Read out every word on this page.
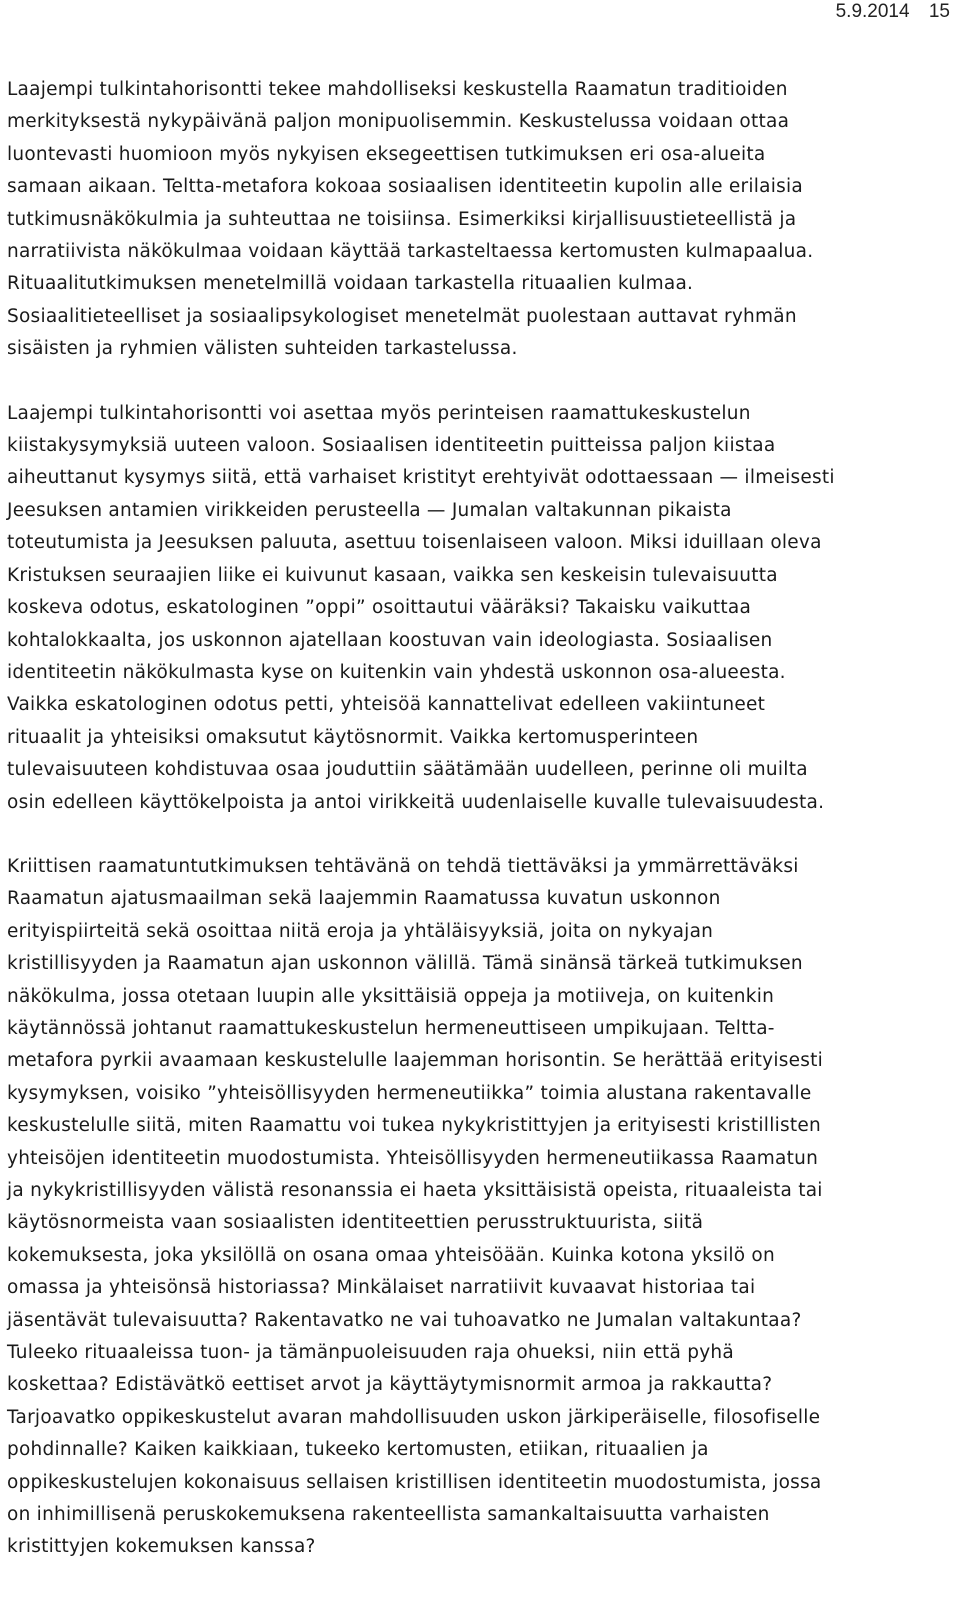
5.9.2014 15
Laajempi tulkintahorisontti tekee mahdolliseksi keskustella Raamatun traditioiden
merkityksestä nykypäivänä paljon monipuolisemmin. Keskustelussa voidaan ottaa
luontevasti huomioon myös nykyisen eksegeettisen tutkimuksen eri osa-alueita
samaan aikaan. Teltta-metafora kokoaa sosiaalisen identiteetin kupolin alle erilaisia
tutkimusnäkökulmia ja suhteuttaa ne toisiinsa. Esimerkiksi kirjallisuustieteellistä ja
narratiivista näkökulmaa voidaan käyttää tarkasteltaessa kertomusten kulmapaalua.
Rituaalitutkimuksen menetelmillä voidaan tarkastella rituaalien kulmaa.
Sosiaalitieteelliset ja sosiaalipsykologiset menetelmät puolestaan auttavat ryhmän
sisäisten ja ryhmien välisten suhteiden tarkastelussa.
Laajempi tulkintahorisontti voi asettaa myös perinteisen raamattukeskustelun
kiistakysymyksiä uuteen valoon. Sosiaalisen identiteetin puitteissa paljon kiistaa
aiheuttanut kysymys siitä, että varhaiset kristityt erehtyivät odottaessaan — ilmeisesti
Jeesuksen antamien virikkeiden perusteella — Jumalan valtakunnan pikaista
toteutumista ja Jeesuksen paluuta, asettuu toisenlaiseen valoon. Miksi iduillaan oleva
Kristuksen seuraajien liike ei kuivunut kasaan, vaikka sen keskeisin tulevaisuutta
koskeva odotus, eskatologinen ”oppi” osoittautui vääräksi? Takaisku vaikuttaa
kohtalokkaalta, jos uskonnon ajatellaan koostuvan vain ideologiasta. Sosiaalisen
identiteetin näkökulmasta kyse on kuitenkin vain yhdestä uskonnon osa-alueesta.
Vaikka eskatologinen odotus petti, yhteisöä kannattelivat edelleen vakiintuneet
rituaalit ja yhteisiksi omaksutut käytösnormit. Vaikka kertomusperinteen
tulevaisuuteen kohdistuvaa osaa jouduttiin säätämään uudelleen, perinne oli muilta
osin edelleen käyttökelpoista ja antoi virikkeitä uudenlaiselle kuvalle tulevaisuudesta.
Kriittisen raamatuntutkimuksen tehtävänä on tehdä tiettäväksi ja ymmärrettäväksi
Raamatun ajatusmaailman sekä laajemmin Raamatussa kuvatun uskonnon
erityispiirteitä sekä osoittaa niitä eroja ja yhtäläisyyksiä, joita on nykyajan
kristillisyyden ja Raamatun ajan uskonnon välillä. Tämä sinänsä tärkeä tutkimuksen
näkökulma, jossa otetaan luupin alle yksittäisiä oppeja ja motiiveja, on kuitenkin
käytännössä johtanut raamattukeskustelun hermeneuttiseen umpikujaan. Teltta-
metafora pyrkii avaamaan keskustelulle laajemman horisontin. Se herättää erityisesti
kysymyksen, voisiko ”yhteisöllisyyden hermeneutiikka” toimia alustana rakentavalle
keskustelulle siitä, miten Raamattu voi tukea nykykristittyjen ja erityisesti kristillisten
yhteisöjen identiteetin muodostumista. Yhteisöllisyyden hermeneutiikassa Raamatun
ja nykykristillisyyden välistä resonanssia ei haeta yksittäisistä opeista, rituaaleista tai
käytösnormeista vaan sosiaalisten identiteettien perusstruktuurista, siitä
kokemuksesta, joka yksilöllä on osana omaa yhteisöään. Kuinka kotona yksilö on
omassa ja yhteisönsä historiassa? Minkälaiset narratiivit kuvaavat historiaa tai
jäsentävät tulevaisuutta? Rakentavatko ne vai tuhoavatko ne Jumalan valtakuntaa?
Tuleeko rituaaleissa tuon- ja tämänpuoleisuuden raja ohueksi, niin että pyhä
koskettaa? Edistävätkö eettiset arvot ja käyttäytymisnormit armoa ja rakkautta?
Tarjoavatko oppikeskustelut avaran mahdollisuuden uskon järkiperäiselle, filosofiselle
pohdinnalle? Kaiken kaikkiaan, tukeeko kertomusten, etiikan, rituaalien ja
oppikeskustelujen kokonaisuus sellaisen kristillisen identiteetin muodostumista, jossa
on inhimillisenä peruskokemuksena rakenteellista samankaltaisuutta varhaisten
kristittyjen kokemuksen kanssa?
